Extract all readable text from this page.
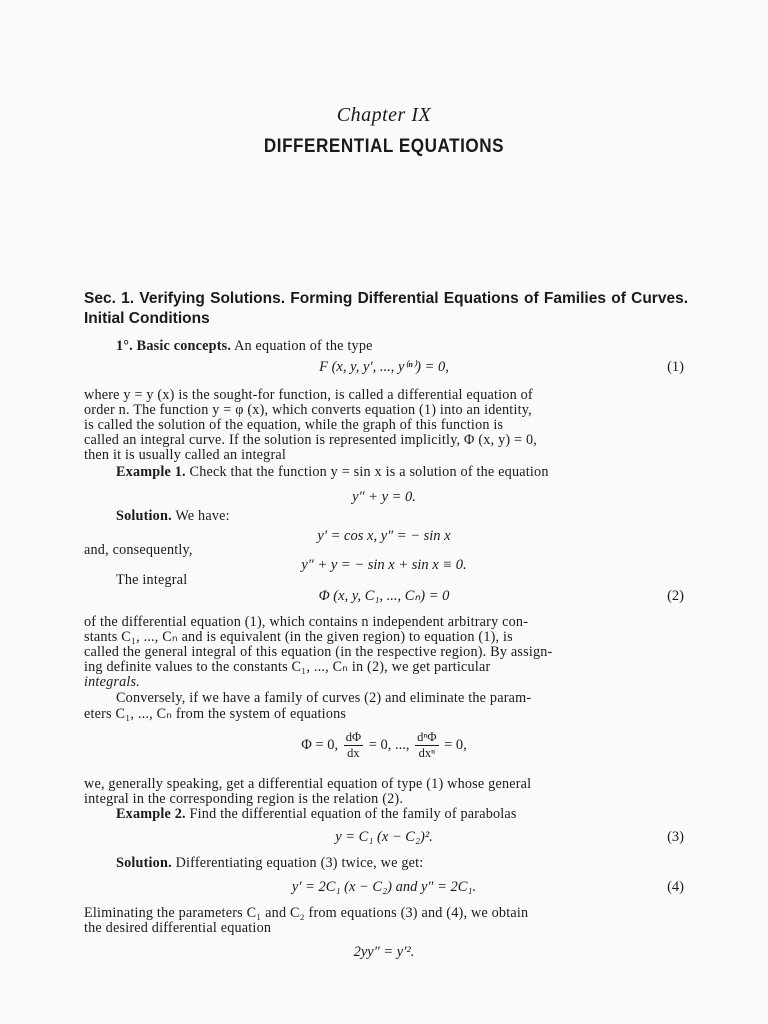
Chapter IX
DIFFERENTIAL EQUATIONS
Sec. 1. Verifying Solutions. Forming Differential Equations of Families of Curves. Initial Conditions
1°. Basic concepts. An equation of the type
F (x, y, y′, ..., y⁽ⁿ⁾) = 0,	(1)
where y = y (x) is the sought-for function, is called a differential equation of
order n. The function y = φ (x), which converts equation (1) into an identity,
is called the solution of the equation, while the graph of this function is
called an integral curve. If the solution is represented implicitly, Φ (x, y) = 0,
then it is usually called an integral
Example 1. Check that the function y = sin x is a solution of the equation
y″ + y = 0.
Solution. We have:
y′ = cos x, y″ = − sin x
and, consequently,
y″ + y = − sin x + sin x ≡ 0.
The integral
Φ (x, y, C₁, ..., Cₙ) = 0	(2)
of the differential equation (1), which contains n independent arbitrary con-
stants C₁, ..., Cₙ and is equivalent (in the given region) to equation (1), is
called the general integral of this equation (in the respective region). By assign-
ing definite values to the constants C₁, ..., Cₙ in (2), we get particular
integrals.
Conversely, if we have a family of curves (2) and eliminate the param-
eters C₁, ..., Cₙ from the system of equations
Φ = 0, $\frac{d\Phi}{dx} = 0$, ..., $\frac{\text{dⁿΦ}}{\text{dxⁿ}} = 0$,
we, generally speaking, get a differential equation of type (1) whose general
integral in the corresponding region is the relation (2).
Example 2. Find the differential equation of the family of parabolas
y = C₁ (x − C₂)².	(3)
Solution. Differentiating equation (3) twice, we get:
y′ = 2C₁ (x − C₂) and y″ = 2C₁.	(4)
Eliminating the parameters C₁ and C₂ from equations (3) and (4), we obtain
the desired differential equation
2yy″ = y′².
